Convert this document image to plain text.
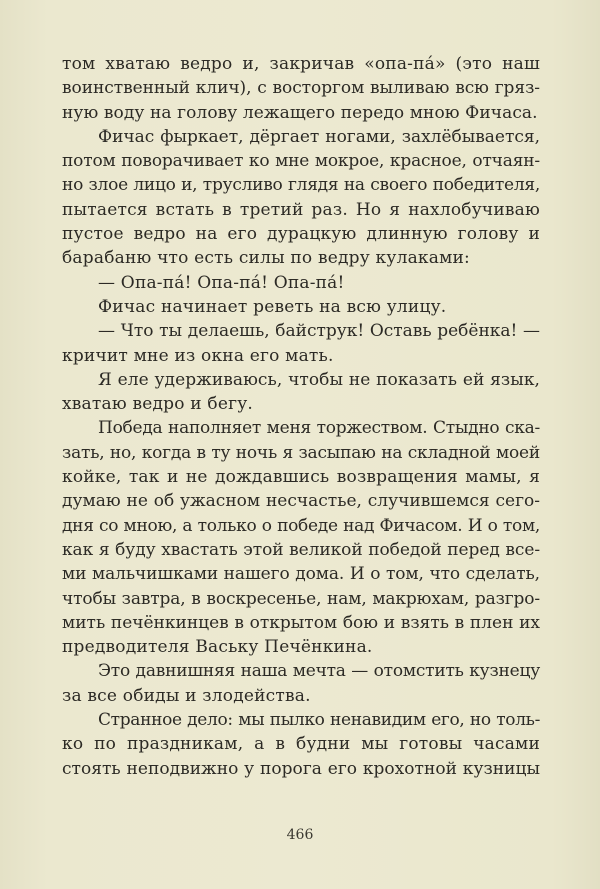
том хватаю ведро и, закричав «опа-па́» (это наш
воинственный клич), с восторгом выливаю всю гряз-
ную воду на голову лежащего передо мною Фичаса.
Фичас фыркает, дёргает ногами, захлёбывается,
потом поворачивает ко мне мокрое, красное, отчаян-
но злое лицо и, трусливо глядя на своего победителя,
пытается встать в третий раз. Но я нахлобучиваю
пустое ведро на его дурацкую длинную голову и
барабаню что есть силы по ведру кулаками:
— Опа-па́! Опа-па́! Опа-па́!
Фичас начинает реветь на всю улицу.
— Что ты делаешь, байструк! Оставь ребёнка! —
кричит мне из окна его мать.
Я еле удерживаюсь, чтобы не показать ей язык,
хватаю ведро и бегу.
Победа наполняет меня торжеством. Стыдно ска-
зать, но, когда в ту ночь я засыпаю на складной моей
койке, так и не дождавшись возвращения мамы, я
думаю не об ужасном несчастье, случившемся сего-
дня со мною, а только о победе над Фичасом. И о том,
как я буду хвастать этой великой победой перед все-
ми мальчишками нашего дома. И о том, что сделать,
чтобы завтра, в воскресенье, нам, макрюхам, разгро-
мить печёнкинцев в открытом бою и взять в плен их
предводителя Ваську Печёнкина.
Это давнишняя наша мечта — отомстить кузнецу
за все обиды и злодейства.
Странное дело: мы пылко ненавидим его, но толь-
ко по праздникам, а в будни мы готовы часами
стоять неподвижно у порога его крохотной кузницы
466
